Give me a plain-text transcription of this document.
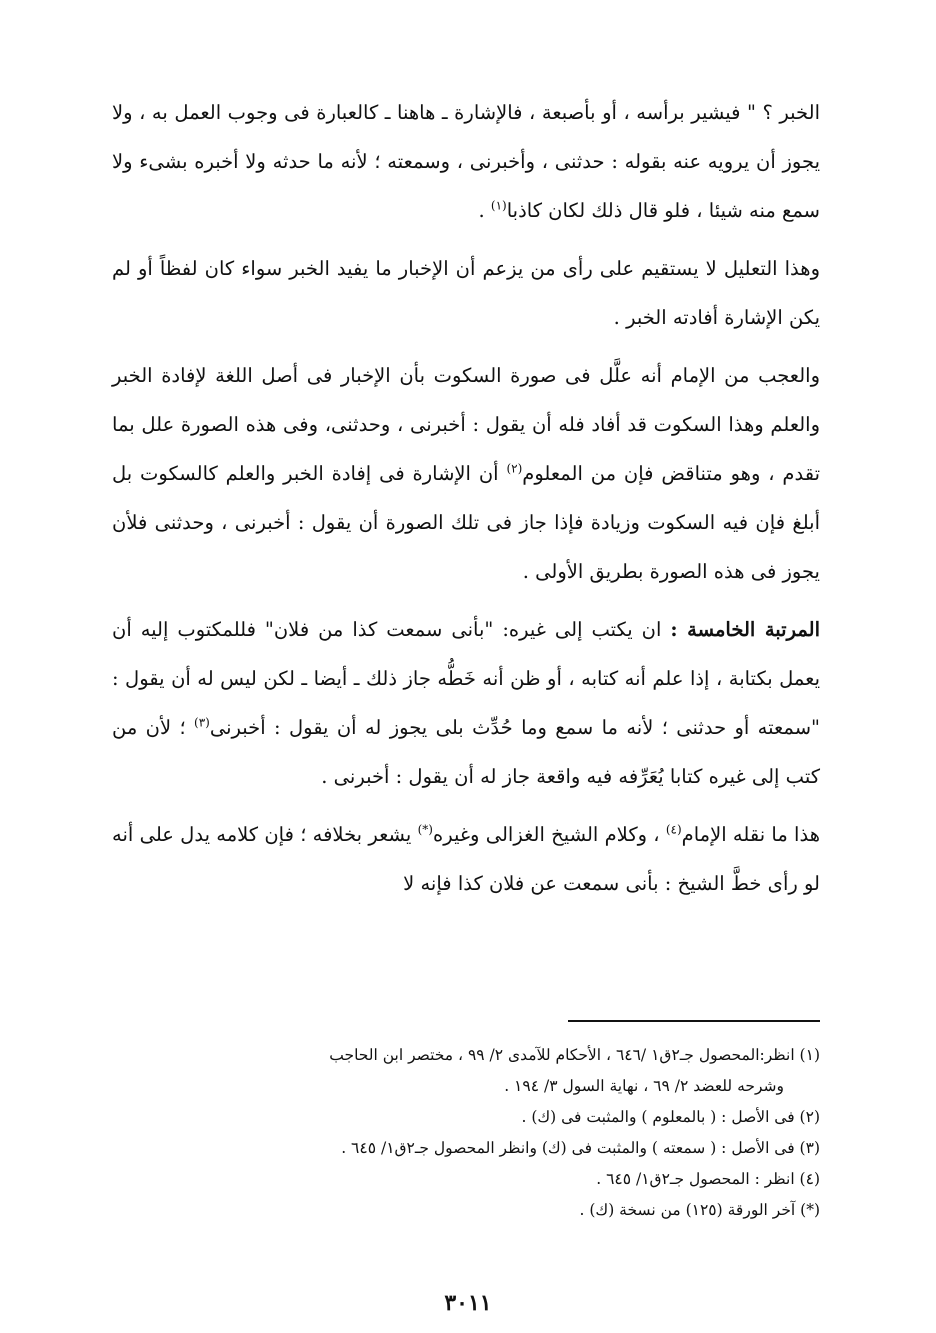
الخبر ؟ " فيشير برأسه ، أو بأصبعة ، فالإشارة ـ هاهنا ـ كالعبارة فى وجوب العمل به ، ولا يجوز أن يرويه عنه بقوله : حدثنى ، وأخبرنى ، وسمعته ؛ لأنه ما حدثه ولا أخبره بشىء ولا سمع منه شيئا ، فلو قال ذلك لكان كاذبا$^{(١)}$ .

وهذا التعليل لا يستقيم على رأى من يزعم أن الإخبار ما يفيد الخبر سواء كان لفظاً أو لم يكن الإشارة أفادته الخبر .

والعجب من الإمام أنه علَّل فى صورة السكوت بأن الإخبار فى أصل اللغة لإفادة الخبر والعلم وهذا السكوت قد أفاد فله أن يقول : أخبرنى ، وحدثنى، وفى هذه الصورة علل بما تقدم ، وهو متناقض فإن من المعلوم$^{(٢)}$ أن الإشارة فى إفادة الخبر والعلم كالسكوت بل أبلغ فإن فيه السكوت وزيادة فإذا جاز فى تلك الصورة أن يقول : أخبرنى ، وحدثنى فلأن يجوز فى هذه الصورة بطريق الأولى .

المرتبة الخامسة : ان يكتب إلى غيره: "بأنى سمعت كذا من فلان" فللمكتوب إليه أن يعمل بكتابة ، إذا علم أنه كتابه ، أو ظن أنه خَطُّه جاز ذلك ـ أيضا ـ لكن ليس له أن يقول : "سمعته أو حدثنى ؛ لأنه ما سمع وما حُدِّث بلى يجوز له أن يقول : أخبرنى$^{(٣)}$ ؛ لأن من كتب إلى غيره كتابا يُعَرِّفه فيه واقعة جاز له أن يقول : أخبرنى .

هذا ما نقله الإمام$^{(٤)}$ ، وكلام الشيخ الغزالى وغيره(*) يشعر بخلافه ؛ فإن كلامه يدل على أنه لو رأى خطَّ الشيخ : بأنى سمعت عن فلان كذا فإنه لا

(١) انظر:المحصول جـ٢ق١ /٦٤٦ ، الأحكام للآمدى ٢/ ٩٩ ، مختصر ابن الحاجب
وشرحه للعضد ٢/ ٦٩ ، نهاية السول ٣/ ١٩٤ .
(٢) فى الأصل : ( بالمعلوم ) والمثبت فى (ك) .
(٣) فى الأصل : ( سمعته ) والمثبت فى (ك) وانظر المحصول جـ٢ق١/ ٦٤٥ .
(٤) انظر : المحصول جـ٢ق١/ ٦٤٥ .
(*) آخر الورقة (١٢٥) من نسخة (ك) .
٣٠١١
